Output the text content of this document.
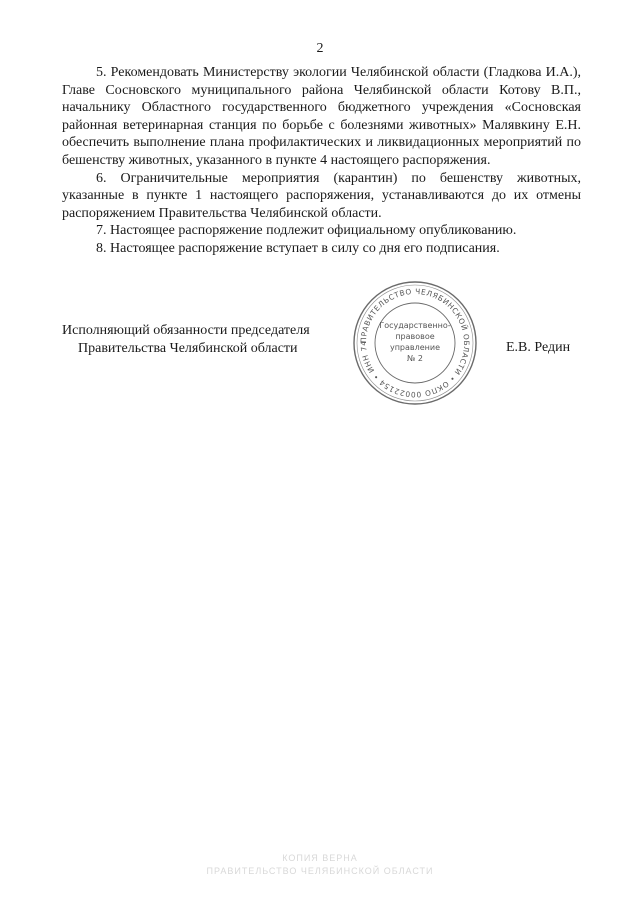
2

5. Рекомендовать Министерству экологии Челябинской области (Гладкова И.А.), Главе Сосновского муниципального района Челябинской области Котову В.П., начальнику Областного государственного бюджетного учреждения «Сосновская районная ветеринарная станция по борьбе с болезнями животных» Малявкину Е.Н. обеспечить выполнение плана профилактических и ликвидационных мероприятий по бешенству животных, указанного в пункте 4 настоящего распоряжения.

6. Ограничительные мероприятия (карантин) по бешенству животных, указанные в пункте 1 настоящего распоряжения, устанавливаются до их отмены распоряжением Правительства Челябинской области.

7. Настоящее распоряжение подлежит официальному опубликованию.

8. Настоящее распоряжение вступает в силу со дня его подписания.

Исполняющий обязанности председателя
Правительства Челябинской области
ПРАВИТЕЛЬСТВО ЧЕЛЯБИНСКОЙ ОБЛАСТИ • ОКПО 00022154 • ИНН 74
Государственно-
правовое
управление
№ 2
Е.В. Редин
КОПИЯ ВЕРНА
ПРАВИТЕЛЬСТВО ЧЕЛЯБИНСКОЙ ОБЛАСТИ
